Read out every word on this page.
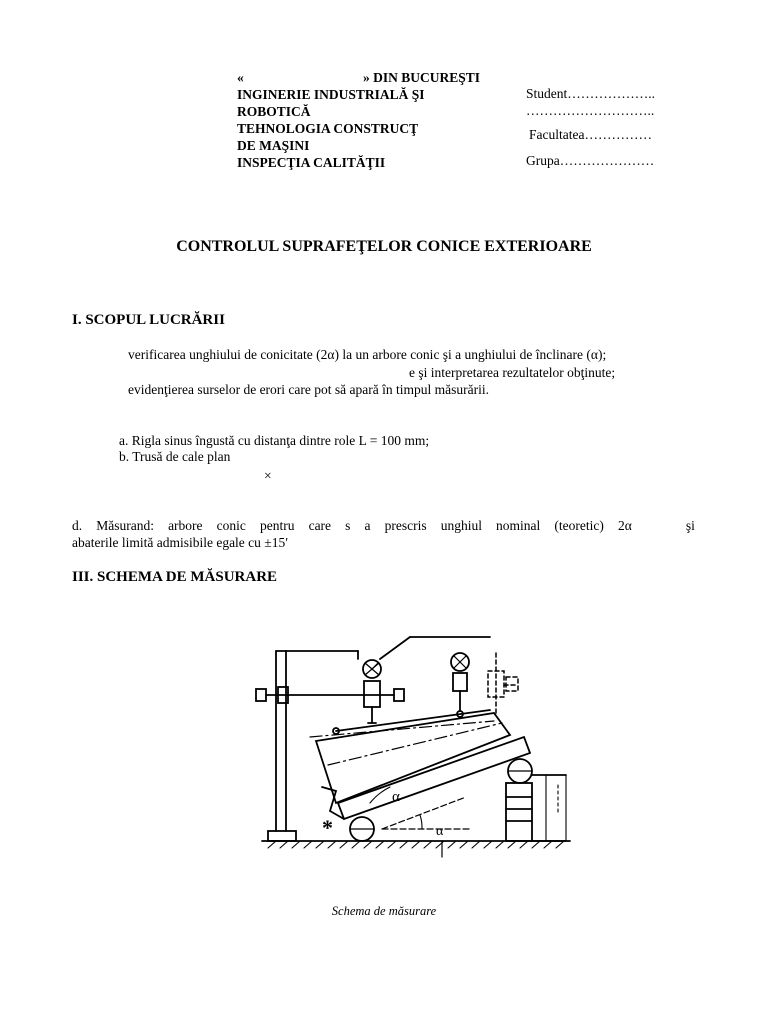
«	» DIN BUCUREŞTI
INGINERIE INDUSTRIALĂ ŞI
ROBOTICĂ
TEHNOLOGIA CONSTRUCŢ
DE MAŞINI
INSPECŢIA CALITĂŢII
Student………………..
………………………..
Facultatea……………
Grupa…………………
CONTROLUL SUPRAFEŢELOR CONICE EXTERIOARE
I. SCOPUL LUCRĂRII
verificarea unghiului de conicitate (2α) la un arbore conic şi a unghiului de înclinare (α);
e şi interpretarea rezultatelor obţinute;
evidenţierea surselor de erori care pot să apară în timpul măsurării.
a. Rigla sinus îngustă cu distanţa dintre role L = 100 mm;
b. Trusă de cale plan
×
d. Măsurand: arbore conic pentru care s a prescris unghiul nominal (teoretic) 2α	şi
abaterile limită admisibile egale cu ±15′
III. SCHEMA DE MĂSURARE
α
α
*
Schema de măsurare
